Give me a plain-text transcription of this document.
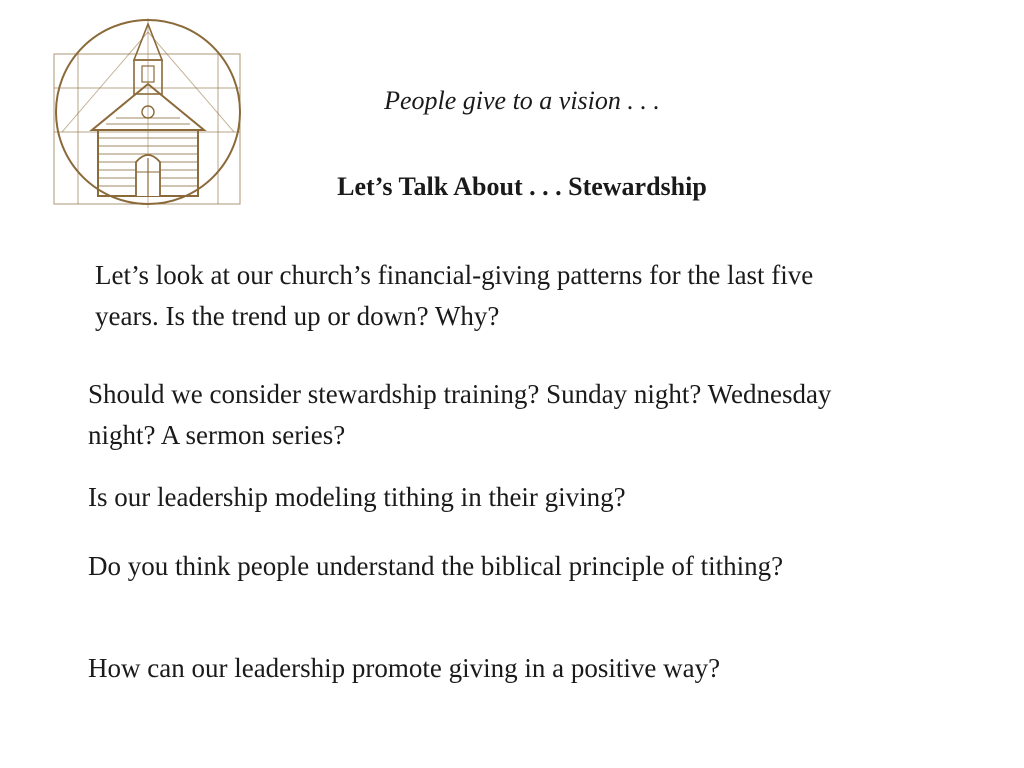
People give to a vision . . .
Let’s Talk About . . . Stewardship

Let’s look at our church’s financial-giving patterns for the last five years. Is the trend up or down? Why?

Should we consider stewardship training? Sunday night? Wednesday night? A sermon series?

Is our leadership modeling tithing in their giving?

Do you think people understand the biblical principle of tithing?

How can our leadership promote giving in a positive way?
